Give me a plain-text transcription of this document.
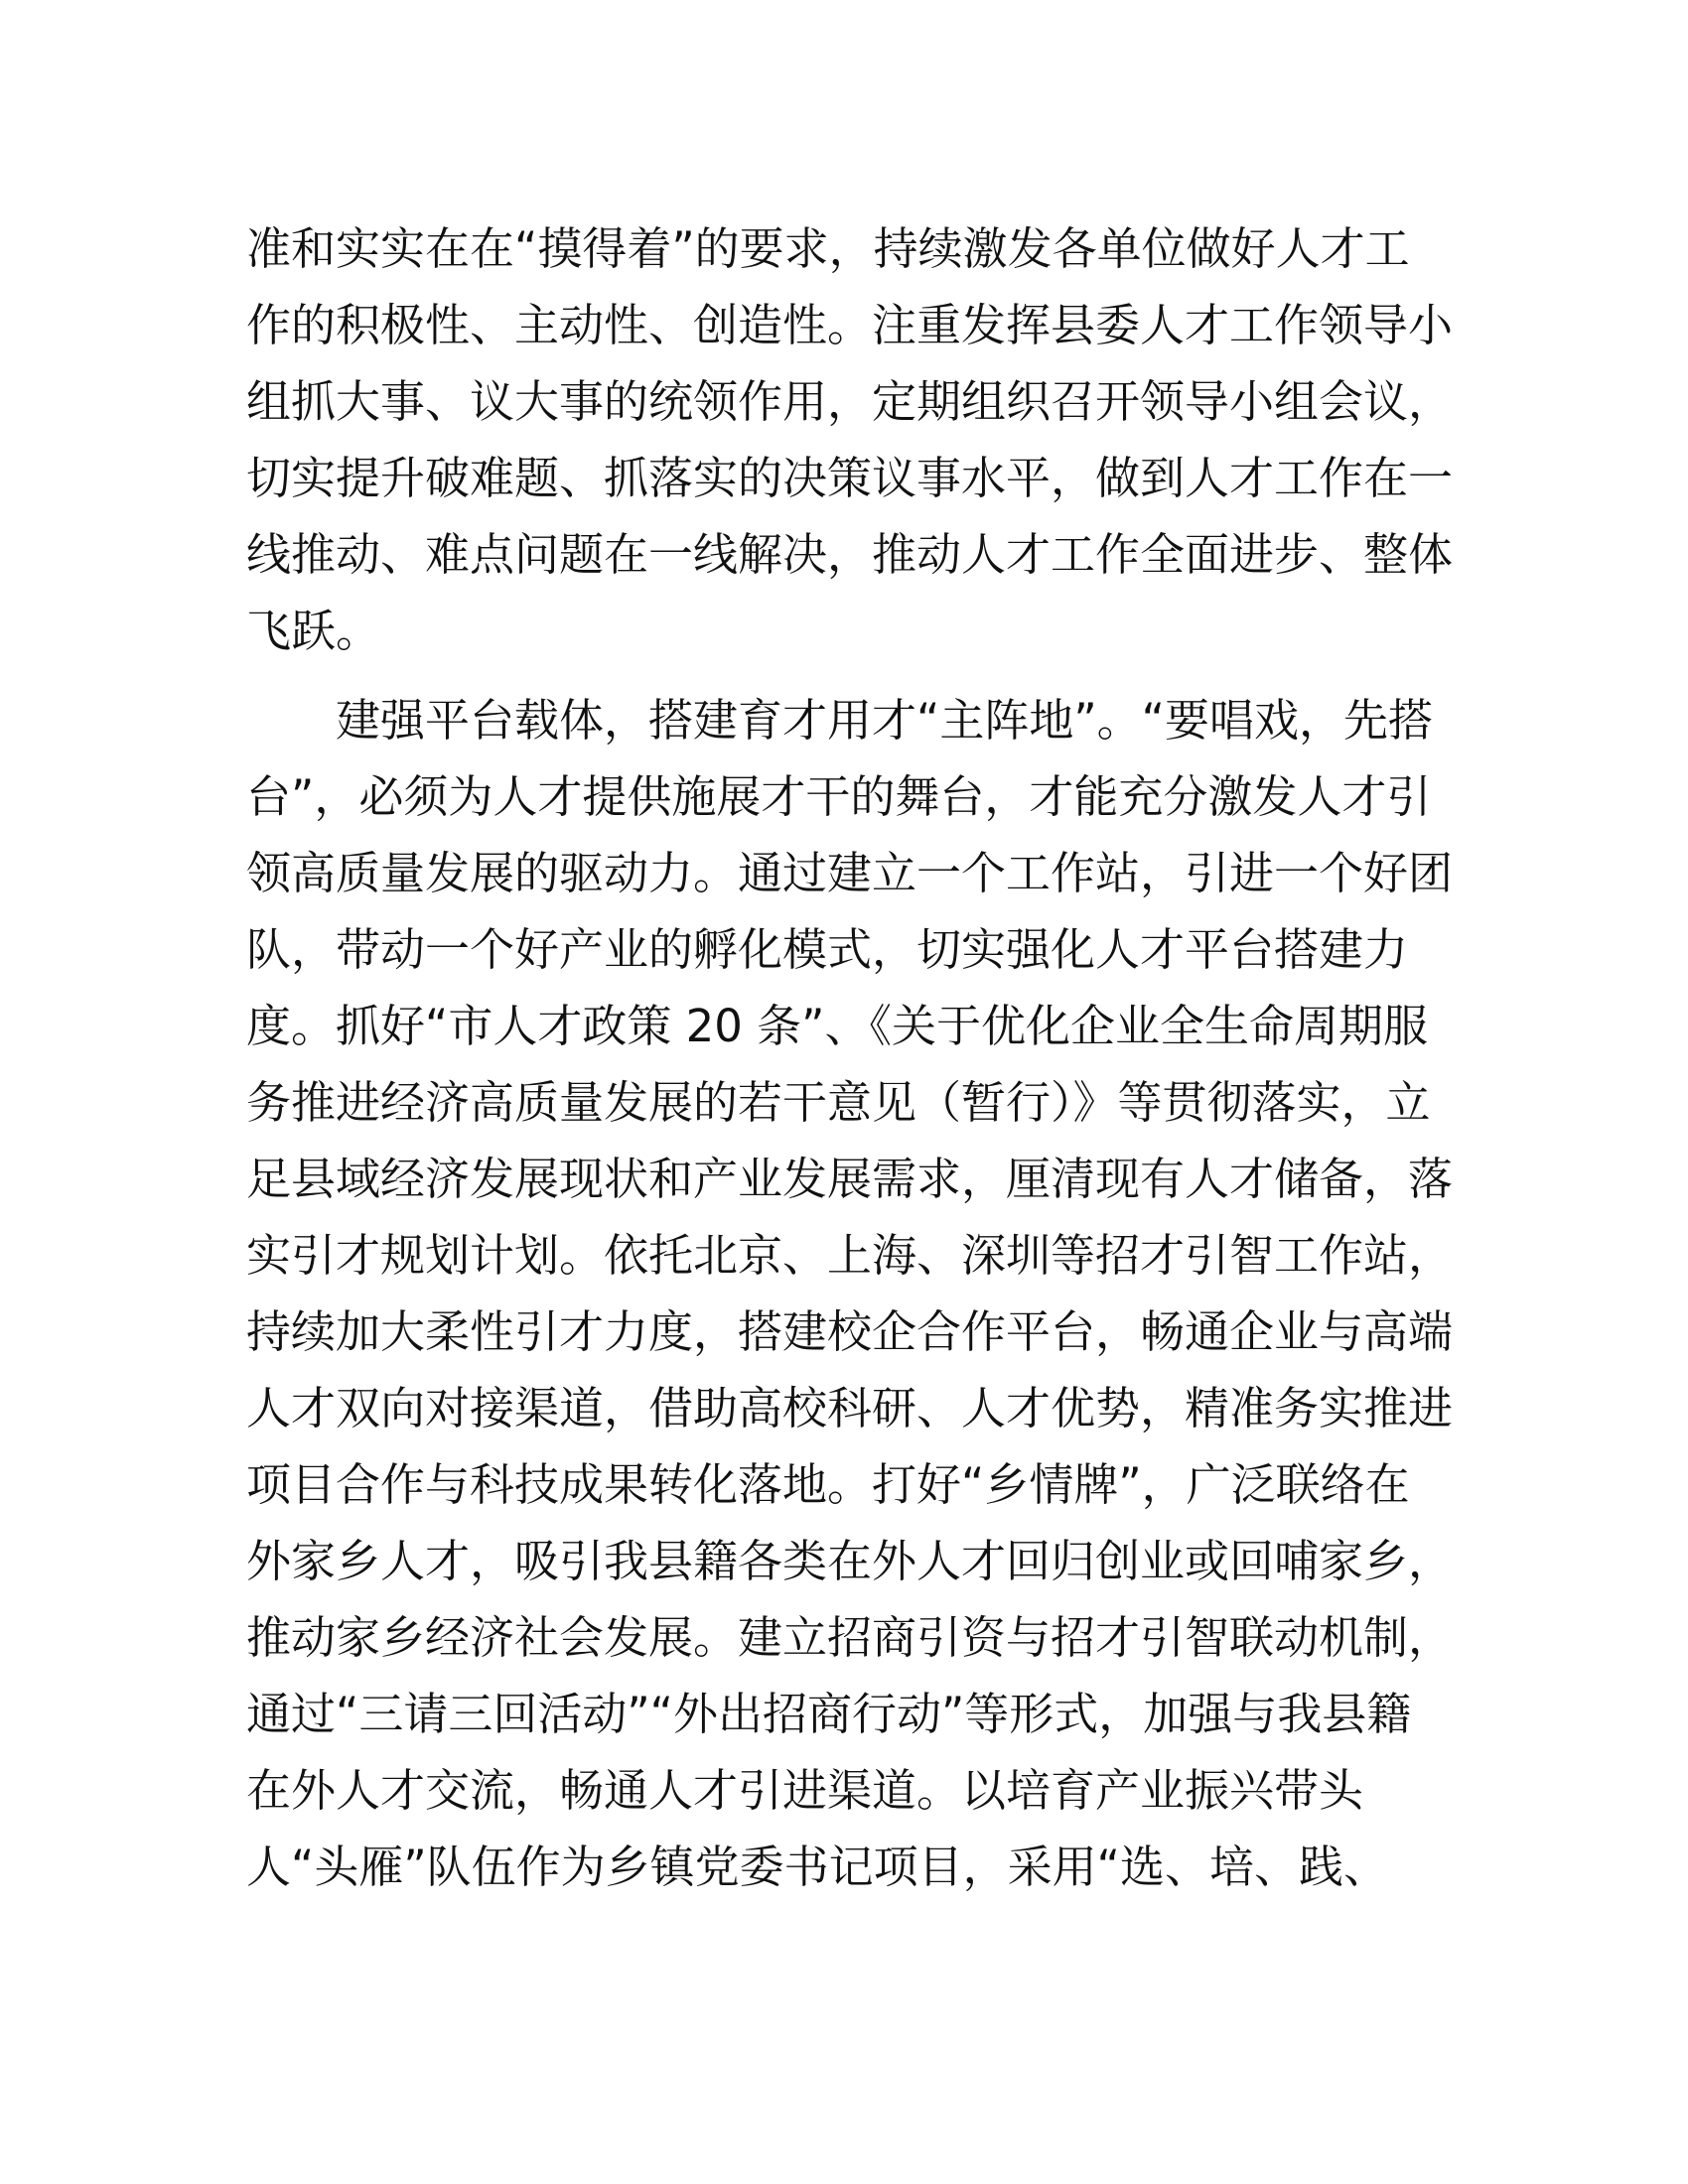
准和实实在在“摸得着”的要求，持续激发各单位做好人才工
作的积极性、主动性、创造性。注重发挥县委人才工作领导小
组抓大事、议大事的统领作用，定期组织召开领导小组会议，
切实提升破难题、抓落实的决策议事水平，做到人才工作在一
线推动、难点问题在一线解决，推动人才工作全面进步、整体
飞跃。
建强平台载体，搭建育才用才“主阵地”。“要唱戏，先搭
台”，必须为人才提供施展才干的舞台，才能充分激发人才引
领高质量发展的驱动力。通过建立一个工作站，引进一个好团
队，带动一个好产业的孵化模式，切实强化人才平台搭建力
度。抓好“市人才政策 20 条”、《关于优化企业全生命周期服
务推进经济高质量发展的若干意见（暂行）》等贯彻落实，立
足县域经济发展现状和产业发展需求，厘清现有人才储备，落
实引才规划计划。依托北京、上海、深圳等招才引智工作站，
持续加大柔性引才力度，搭建校企合作平台，畅通企业与高端
人才双向对接渠道，借助高校科研、人才优势，精准务实推进
项目合作与科技成果转化落地。打好“乡情牌”，广泛联络在
外家乡人才，吸引我县籍各类在外人才回归创业或回哺家乡，
推动家乡经济社会发展。建立招商引资与招才引智联动机制，
通过“三请三回活动”“外出招商行动”等形式，加强与我县籍
在外人才交流，畅通人才引进渠道。以培育产业振兴带头
人“头雁”队伍作为乡镇党委书记项目，采用“选、培、践、
